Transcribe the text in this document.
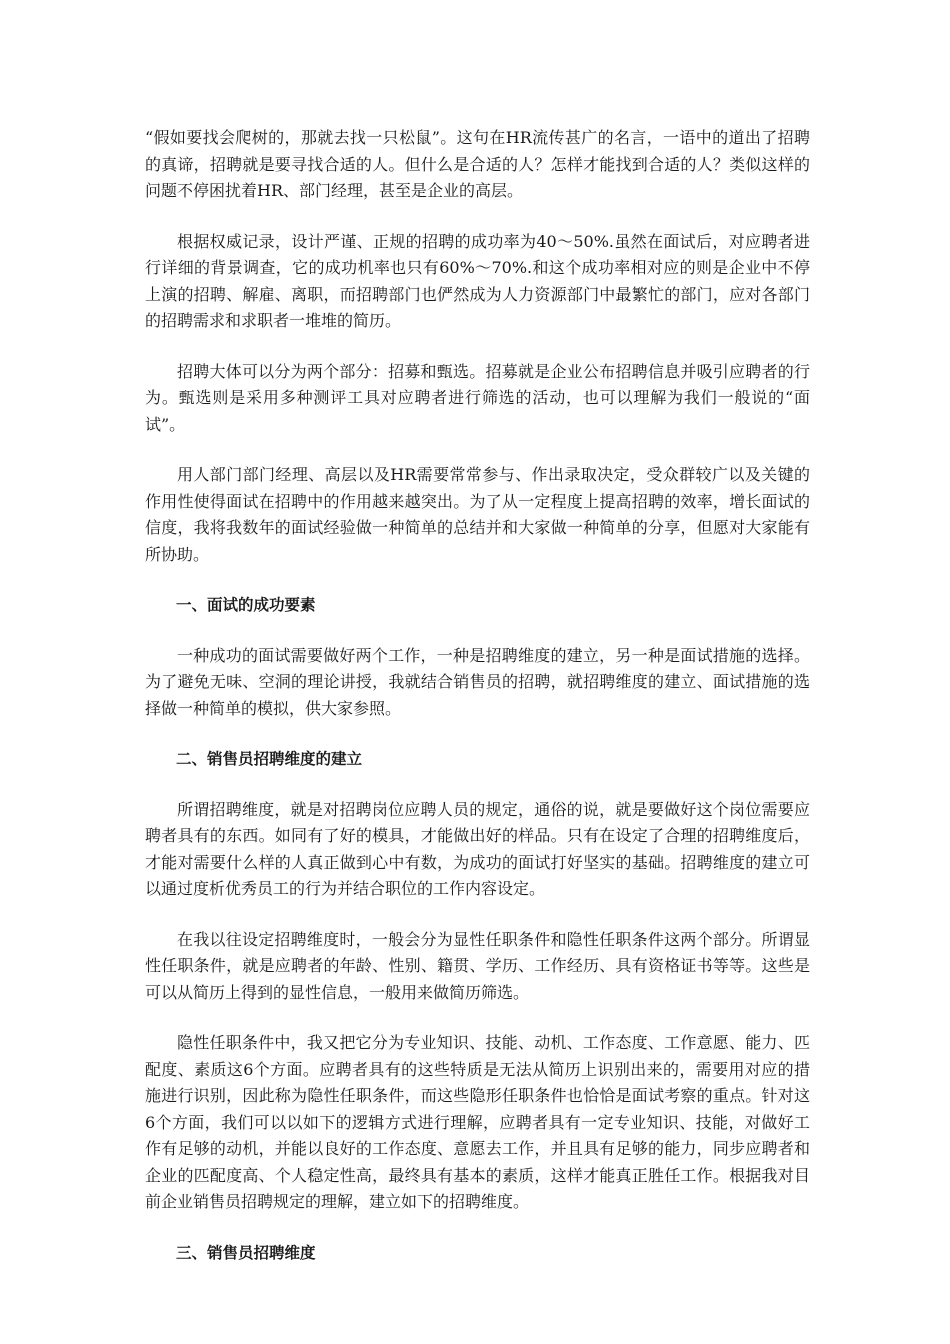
“假如要找会爬树的，那就去找一只松鼠”。这句在HR流传甚广的名言，一语中的道出了招聘的真谛，招聘就是要寻找合适的人。但什么是合适的人？怎样才能找到合适的人？类似这样的问题不停困扰着HR、部门经理，甚至是企业的高层。

根据权威记录，设计严谨、正规的招聘的成功率为40～50%.虽然在面试后，对应聘者进行详细的背景调查，它的成功机率也只有60%～70%.和这个成功率相对应的则是企业中不停上演的招聘、解雇、离职，而招聘部门也俨然成为人力资源部门中最繁忙的部门，应对各部门的招聘需求和求职者一堆堆的简历。

招聘大体可以分为两个部分：招募和甄选。招募就是企业公布招聘信息并吸引应聘者的行为。甄选则是采用多种测评工具对应聘者进行筛选的活动，也可以理解为我们一般说的“面试”。

用人部门部门经理、高层以及HR需要常常参与、作出录取决定，受众群较广以及关键的作用性使得面试在招聘中的作用越来越突出。为了从一定程度上提高招聘的效率，增长面试的信度，我将我数年的面试经验做一种简单的总结并和大家做一种简单的分享，但愿对大家能有所协助。

一、面试的成功要素

一种成功的面试需要做好两个工作，一种是招聘维度的建立，另一种是面试措施的选择。为了避免无味、空洞的理论讲授，我就结合销售员的招聘，就招聘维度的建立、面试措施的选择做一种简单的模拟，供大家参照。

二、销售员招聘维度的建立

所谓招聘维度，就是对招聘岗位应聘人员的规定，通俗的说，就是要做好这个岗位需要应聘者具有的东西。如同有了好的模具，才能做出好的样品。只有在设定了合理的招聘维度后，才能对需要什么样的人真正做到心中有数，为成功的面试打好坚实的基础。招聘维度的建立可以通过度析优秀员工的行为并结合职位的工作内容设定。

在我以往设定招聘维度时，一般会分为显性任职条件和隐性任职条件这两个部分。所谓显性任职条件，就是应聘者的年龄、性别、籍贯、学历、工作经历、具有资格证书等等。这些是可以从简历上得到的显性信息，一般用来做简历筛选。

隐性任职条件中，我又把它分为专业知识、技能、动机、工作态度、工作意愿、能力、匹配度、素质这6个方面。应聘者具有的这些特质是无法从简历上识别出来的，需要用对应的措施进行识别，因此称为隐性任职条件，而这些隐形任职条件也恰恰是面试考察的重点。针对这6个方面，我们可以以如下的逻辑方式进行理解，应聘者具有一定专业知识、技能，对做好工作有足够的动机，并能以良好的工作态度、意愿去工作，并且具有足够的能力，同步应聘者和企业的匹配度高、个人稳定性高，最终具有基本的素质，这样才能真正胜任工作。根据我对目前企业销售员招聘规定的理解，建立如下的招聘维度。

三、销售员招聘维度
